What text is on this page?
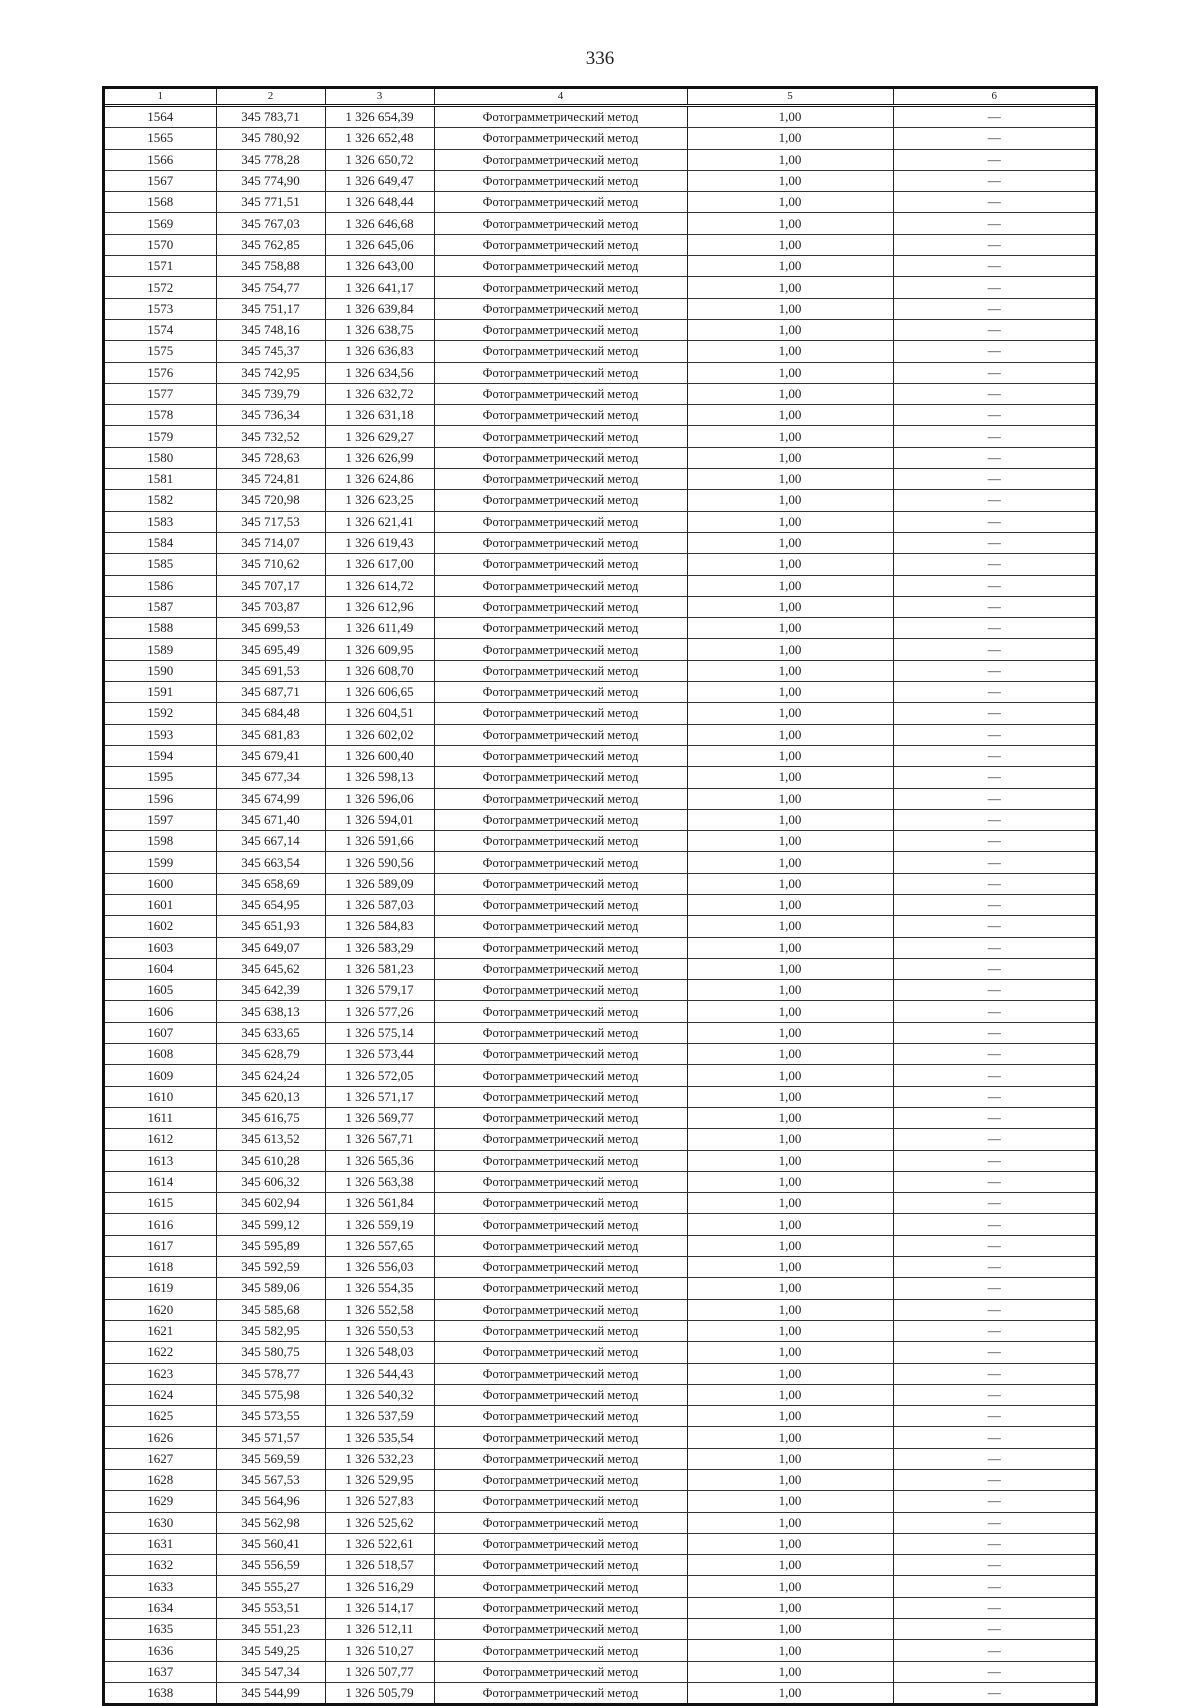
336
1	2	3	4	5	6
1564	345 783,71	1 326 654,39	Фотограмметрический метод	1,00	—
1565	345 780,92	1 326 652,48	Фотограмметрический метод	1,00	—
1566	345 778,28	1 326 650,72	Фотограмметрический метод	1,00	—
1567	345 774,90	1 326 649,47	Фотограмметрический метод	1,00	—
1568	345 771,51	1 326 648,44	Фотограмметрический метод	1,00	—
1569	345 767,03	1 326 646,68	Фотограмметрический метод	1,00	—
1570	345 762,85	1 326 645,06	Фотограмметрический метод	1,00	—
1571	345 758,88	1 326 643,00	Фотограмметрический метод	1,00	—
1572	345 754,77	1 326 641,17	Фотограмметрический метод	1,00	—
1573	345 751,17	1 326 639,84	Фотограмметрический метод	1,00	—
1574	345 748,16	1 326 638,75	Фотограмметрический метод	1,00	—
1575	345 745,37	1 326 636,83	Фотограмметрический метод	1,00	—
1576	345 742,95	1 326 634,56	Фотограмметрический метод	1,00	—
1577	345 739,79	1 326 632,72	Фотограмметрический метод	1,00	—
1578	345 736,34	1 326 631,18	Фотограмметрический метод	1,00	—
1579	345 732,52	1 326 629,27	Фотограмметрический метод	1,00	—
1580	345 728,63	1 326 626,99	Фотограмметрический метод	1,00	—
1581	345 724,81	1 326 624,86	Фотограмметрический метод	1,00	—
1582	345 720,98	1 326 623,25	Фотограмметрический метод	1,00	—
1583	345 717,53	1 326 621,41	Фотограмметрический метод	1,00	—
1584	345 714,07	1 326 619,43	Фотограмметрический метод	1,00	—
1585	345 710,62	1 326 617,00	Фотограмметрический метод	1,00	—
1586	345 707,17	1 326 614,72	Фотограмметрический метод	1,00	—
1587	345 703,87	1 326 612,96	Фотограмметрический метод	1,00	—
1588	345 699,53	1 326 611,49	Фотограмметрический метод	1,00	—
1589	345 695,49	1 326 609,95	Фотограмметрический метод	1,00	—
1590	345 691,53	1 326 608,70	Фотограмметрический метод	1,00	—
1591	345 687,71	1 326 606,65	Фотограмметрический метод	1,00	—
1592	345 684,48	1 326 604,51	Фотограмметрический метод	1,00	—
1593	345 681,83	1 326 602,02	Фотограмметрический метод	1,00	—
1594	345 679,41	1 326 600,40	Фотограмметрический метод	1,00	—
1595	345 677,34	1 326 598,13	Фотограмметрический метод	1,00	—
1596	345 674,99	1 326 596,06	Фотограмметрический метод	1,00	—
1597	345 671,40	1 326 594,01	Фотограмметрический метод	1,00	—
1598	345 667,14	1 326 591,66	Фотограмметрический метод	1,00	—
1599	345 663,54	1 326 590,56	Фотограмметрический метод	1,00	—
1600	345 658,69	1 326 589,09	Фотограмметрический метод	1,00	—
1601	345 654,95	1 326 587,03	Фотограмметрический метод	1,00	—
1602	345 651,93	1 326 584,83	Фотограмметрический метод	1,00	—
1603	345 649,07	1 326 583,29	Фотограмметрический метод	1,00	—
1604	345 645,62	1 326 581,23	Фотограмметрический метод	1,00	—
1605	345 642,39	1 326 579,17	Фотограмметрический метод	1,00	—
1606	345 638,13	1 326 577,26	Фотограмметрический метод	1,00	—
1607	345 633,65	1 326 575,14	Фотограмметрический метод	1,00	—
1608	345 628,79	1 326 573,44	Фотограмметрический метод	1,00	—
1609	345 624,24	1 326 572,05	Фотограмметрический метод	1,00	—
1610	345 620,13	1 326 571,17	Фотограмметрический метод	1,00	—
1611	345 616,75	1 326 569,77	Фотограмметрический метод	1,00	—
1612	345 613,52	1 326 567,71	Фотограмметрический метод	1,00	—
1613	345 610,28	1 326 565,36	Фотограмметрический метод	1,00	—
1614	345 606,32	1 326 563,38	Фотограмметрический метод	1,00	—
1615	345 602,94	1 326 561,84	Фотограмметрический метод	1,00	—
1616	345 599,12	1 326 559,19	Фотограмметрический метод	1,00	—
1617	345 595,89	1 326 557,65	Фотограмметрический метод	1,00	—
1618	345 592,59	1 326 556,03	Фотограмметрический метод	1,00	—
1619	345 589,06	1 326 554,35	Фотограмметрический метод	1,00	—
1620	345 585,68	1 326 552,58	Фотограмметрический метод	1,00	—
1621	345 582,95	1 326 550,53	Фотограмметрический метод	1,00	—
1622	345 580,75	1 326 548,03	Фотограмметрический метод	1,00	—
1623	345 578,77	1 326 544,43	Фотограмметрический метод	1,00	—
1624	345 575,98	1 326 540,32	Фотограмметрический метод	1,00	—
1625	345 573,55	1 326 537,59	Фотограмметрический метод	1,00	—
1626	345 571,57	1 326 535,54	Фотограмметрический метод	1,00	—
1627	345 569,59	1 326 532,23	Фотограмметрический метод	1,00	—
1628	345 567,53	1 326 529,95	Фотограмметрический метод	1,00	—
1629	345 564,96	1 326 527,83	Фотограмметрический метод	1,00	—
1630	345 562,98	1 326 525,62	Фотограмметрический метод	1,00	—
1631	345 560,41	1 326 522,61	Фотограмметрический метод	1,00	—
1632	345 556,59	1 326 518,57	Фотограмметрический метод	1,00	—
1633	345 555,27	1 326 516,29	Фотограмметрический метод	1,00	—
1634	345 553,51	1 326 514,17	Фотограмметрический метод	1,00	—
1635	345 551,23	1 326 512,11	Фотограмметрический метод	1,00	—
1636	345 549,25	1 326 510,27	Фотограмметрический метод	1,00	—
1637	345 547,34	1 326 507,77	Фотограмметрический метод	1,00	—
1638	345 544,99	1 326 505,79	Фотограмметрический метод	1,00	—
